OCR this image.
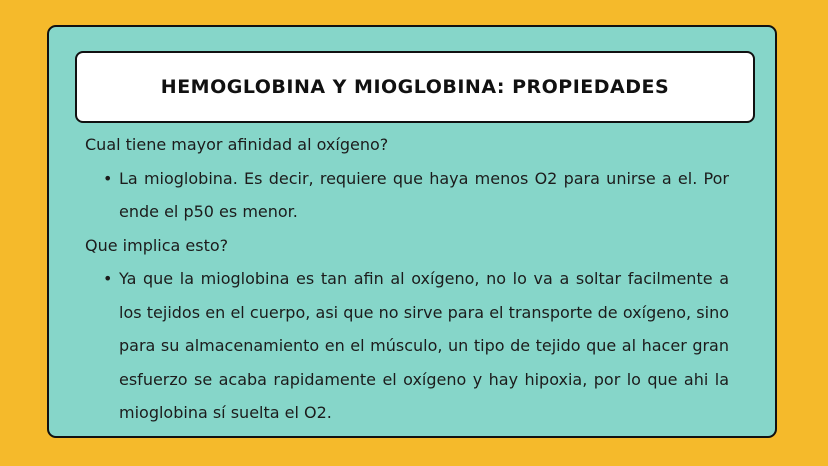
HEMOGLOBINA Y MIOGLOBINA: PROPIEDADES

Cual tiene mayor afinidad al oxígeno?

• La mioglobina. Es decir, requiere que haya menos O2 para unirse a el. Por ende el p50 es menor.

Que implica esto?

• Ya que la mioglobina es tan afin al oxígeno, no lo va a soltar facilmente a los tejidos en el cuerpo, asi que no sirve para el transporte de oxígeno, sino para su almacenamiento en el músculo, un tipo de tejido que al hacer gran esfuerzo se acaba rapidamente el oxígeno y hay hipoxia, por lo que ahi la mioglobina sí suelta el O2.
